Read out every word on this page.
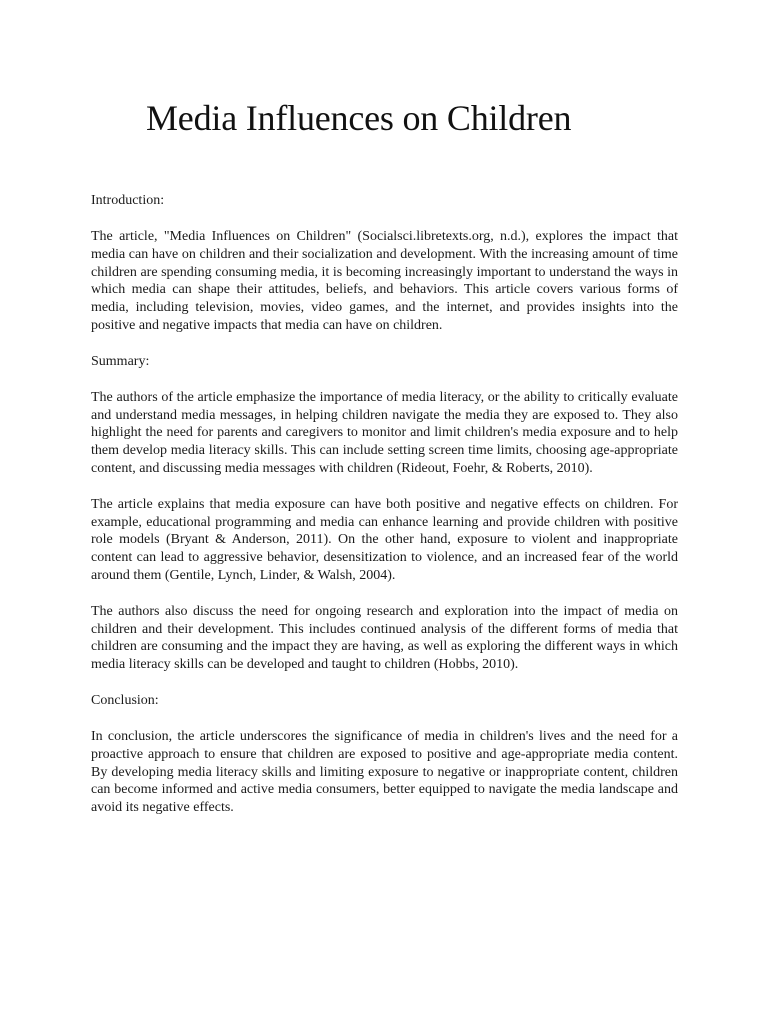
Media Influences on Children

Introduction:

The article, "Media Influences on Children" (Socialsci.libretexts.org, n.d.), explores the impact that media can have on children and their socialization and development. With the increasing amount of time children are spending consuming media, it is becoming increasingly important to understand the ways in which media can shape their attitudes, beliefs, and behaviors. This article covers various forms of media, including television, movies, video games, and the internet, and provides insights into the positive and negative impacts that media can have on children.

Summary:

The authors of the article emphasize the importance of media literacy, or the ability to critically evaluate and understand media messages, in helping children navigate the media they are exposed to. They also highlight the need for parents and caregivers to monitor and limit children's media exposure and to help them develop media literacy skills. This can include setting screen time limits, choosing age-appropriate content, and discussing media messages with children (Rideout, Foehr, & Roberts, 2010).

The article explains that media exposure can have both positive and negative effects on children. For example, educational programming and media can enhance learning and provide children with positive role models (Bryant & Anderson, 2011). On the other hand, exposure to violent and inappropriate content can lead to aggressive behavior, desensitization to violence, and an increased fear of the world around them (Gentile, Lynch, Linder, & Walsh, 2004).

The authors also discuss the need for ongoing research and exploration into the impact of media on children and their development. This includes continued analysis of the different forms of media that children are consuming and the impact they are having, as well as exploring the different ways in which media literacy skills can be developed and taught to children (Hobbs, 2010).

Conclusion:

In conclusion, the article underscores the significance of media in children's lives and the need for a proactive approach to ensure that children are exposed to positive and age-appropriate media content. By developing media literacy skills and limiting exposure to negative or inappropriate content, children can become informed and active media consumers, better equipped to navigate the media landscape and avoid its negative effects.
